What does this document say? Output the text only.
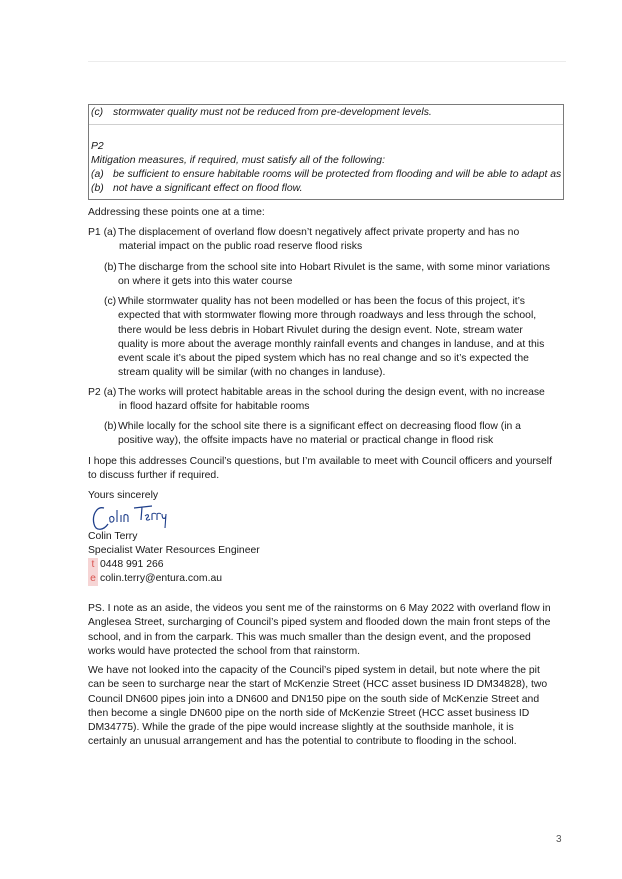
(c) stormwater quality must not be reduced from pre-development levels.
P2
Mitigation measures, if required, must satisfy all of the following:
(a) be sufficient to ensure habitable rooms will be protected from flooding and will be able to adapt as
(b) not have a significant effect on flood flow.
Addressing these points one at a time:
P1 (a) The displacement of overland flow doesn’t negatively affect private property and has no
material impact on the public road reserve flood risks
(b) The discharge from the school site into Hobart Rivulet is the same, with some minor variations
on where it gets into this water course
(c) While stormwater quality has not been modelled or has been the focus of this project, it’s
expected that with stormwater flowing more through roadways and less through the school,
there would be less debris in Hobart Rivulet during the design event. Note, stream water
quality is more about the average monthly rainfall events and changes in landuse, and at this
event scale it’s about the piped system which has no real change and so it’s expected the
stream quality will be similar (with no changes in landuse).
P2 (a) The works will protect habitable areas in the school during the design event, with no increase
in flood hazard offsite for habitable rooms
(b) While locally for the school site there is a significant effect on decreasing flood flow (in a
positive way), the offsite impacts have no material or practical change in flood risk
I hope this addresses Council’s questions, but I’m available to meet with Council officers and yourself
to discuss further if required.
Yours sincerely
Colin Terry
Specialist Water Resources Engineer
t 0448 991 266
e colin.terry@entura.com.au
PS. I note as an aside, the videos you sent me of the rainstorms on 6 May 2022 with overland flow in
Anglesea Street, surcharging of Council’s piped system and flooded down the main front steps of the
school, and in from the carpark. This was much smaller than the design event, and the proposed
works would have protected the school from that rainstorm.
We have not looked into the capacity of the Council’s piped system in detail, but note where the pit
can be seen to surcharge near the start of McKenzie Street (HCC asset business ID DM34828), two
Council DN600 pipes join into a DN600 and DN150 pipe on the south side of McKenzie Street and
then become a single DN600 pipe on the north side of McKenzie Street (HCC asset business ID
DM34775). While the grade of the pipe would increase slightly at the southside manhole, it is
certainly an unusual arrangement and has the potential to contribute to flooding in the school.
3
